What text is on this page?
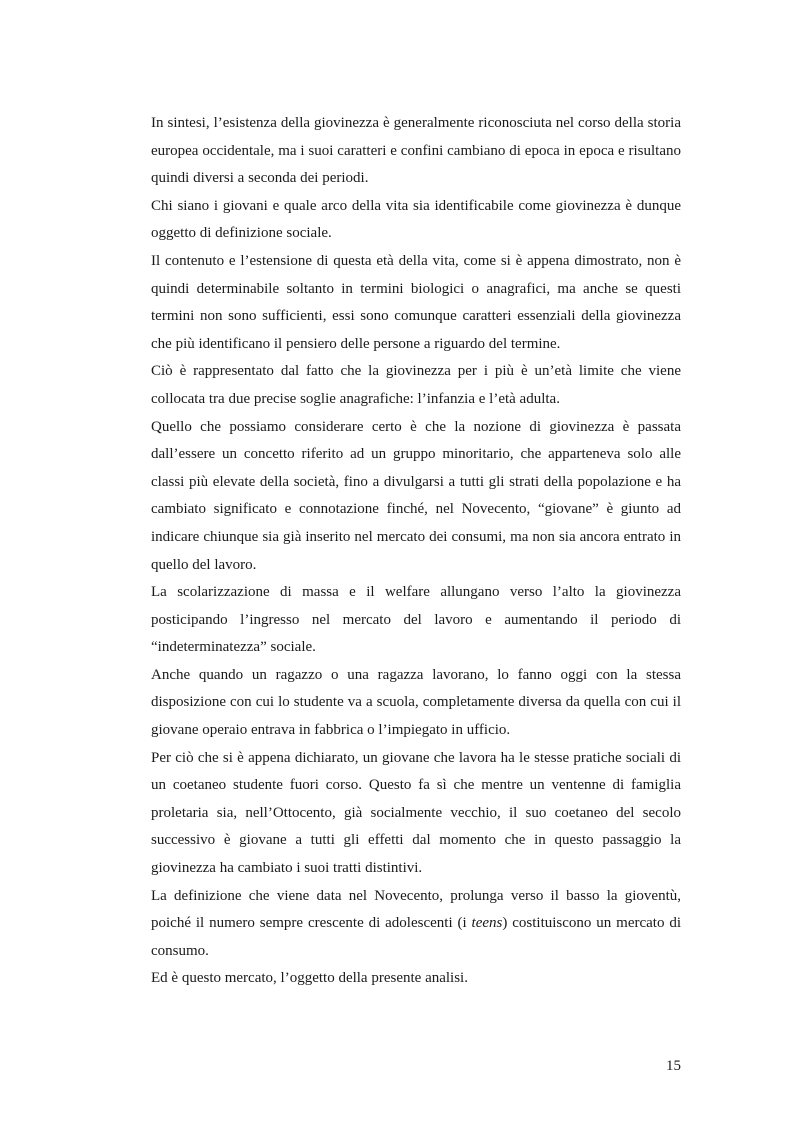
In sintesi, l’esistenza della giovinezza è generalmente riconosciuta nel corso della storia europea occidentale, ma i suoi caratteri e confini cambiano di epoca in epoca e risultano quindi diversi a seconda dei periodi.

Chi siano i giovani e quale arco della vita sia identificabile come giovinezza è dunque oggetto di definizione sociale.

Il contenuto e l’estensione di questa età della vita, come si è appena dimostrato, non è quindi determinabile soltanto in termini biologici o anagrafici, ma anche se questi termini non sono sufficienti, essi sono comunque caratteri essenziali della giovinezza che più identificano il pensiero delle persone a riguardo del termine.

Ciò è rappresentato dal fatto che la giovinezza per i più è un’età limite che viene collocata tra due precise soglie anagrafiche: l’infanzia e l’età adulta.

Quello che possiamo considerare certo è che la nozione di giovinezza è passata dall’essere un concetto riferito ad un gruppo minoritario, che apparteneva solo alle classi più elevate della società, fino a divulgarsi a tutti gli strati della popolazione e ha cambiato significato e connotazione finché, nel Novecento, “giovane” è giunto ad indicare chiunque sia già inserito nel mercato dei consumi, ma non sia ancora entrato in quello del lavoro.

La scolarizzazione di massa e il welfare allungano verso l’alto la giovinezza posticipando l’ingresso nel mercato del lavoro e aumentando il periodo di “indeterminatezza” sociale.

Anche quando un ragazzo o una ragazza lavorano, lo fanno oggi con la stessa disposizione con cui lo studente va a scuola, completamente diversa da quella con cui il giovane operaio entrava in fabbrica o l’impiegato in ufficio.

Per ciò che si è appena dichiarato, un giovane che lavora ha le stesse pratiche sociali di un coetaneo studente fuori corso. Questo fa sì che mentre un ventenne di famiglia proletaria sia, nell’Ottocento, già socialmente vecchio, il suo coetaneo del secolo successivo è giovane a tutti gli effetti dal momento che in questo passaggio la giovinezza ha cambiato i suoi tratti distintivi.

La definizione che viene data nel Novecento, prolunga verso il basso la gioventù, poiché il numero sempre crescente di adolescenti (i teens) costituiscono un mercato di consumo.

Ed è questo mercato, l’oggetto della presente analisi.

15
